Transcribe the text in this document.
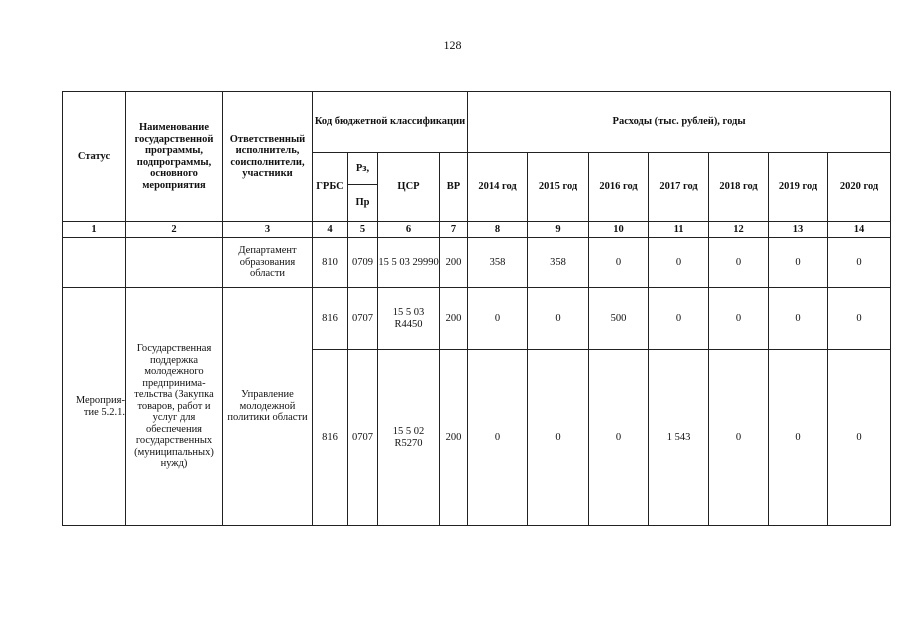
128
Статус	Наименование государственной программы, подпрограммы, основного мероприятия	Ответственный исполнитель, соисполнители, участники	Код бюджетной классификации				Расходы (тыс. рублей), годы						
			ГРБС	Рз,	ЦСР	ВР	2014 год	2015 год	2016 год	2017 год	2018 год	2019 год	2020 год
				Пр									
1	2	3	4	5	6	7	8	9	10	11	12	13	14
		Департамент образования области	810	0709	15 5 03 29990	200	358	358	0	0	0	0	0
Мероприя-тие 5.2.1.	Государственная поддержка молодежного предпринима-тельства (Закупка товаров, работ и услуг для обеспечения государственных (муниципальных) нужд)	Управление молодежной политики области	816	0707	15 5 03 R4450	200	0	0	500	0	0	0	0
			816	0707	15 5 02 R5270	200	0	0	0	1 543	0	0	0
